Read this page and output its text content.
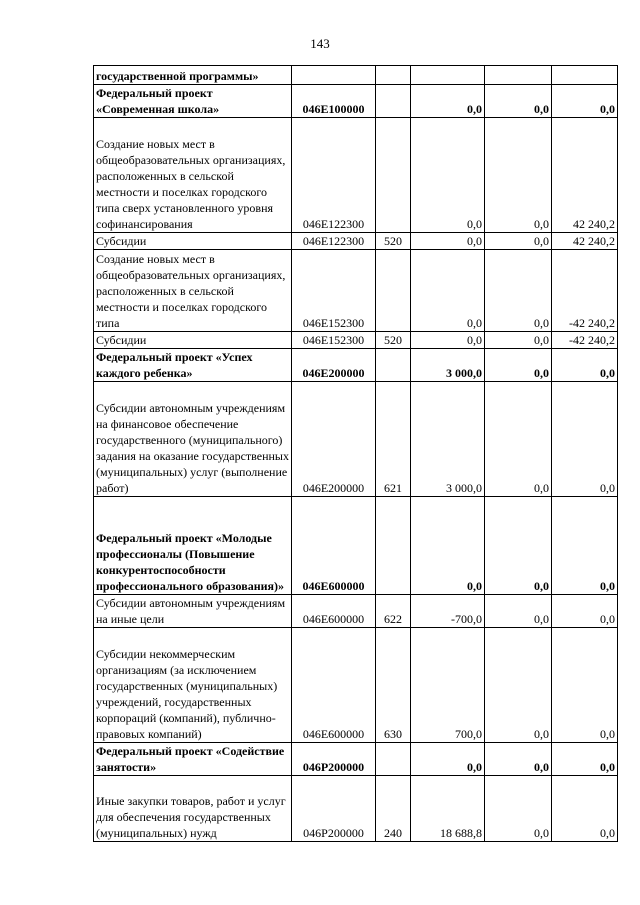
143
государственной программы»					
Федеральный проект «Современная школа»	046E100000		0,0	0,0	0,0
Создание новых мест в общеобразовательных организациях, расположенных в сельской местности и поселках городского типа сверх установленного уровня софинансирования	046E122300		0,0	0,0	42 240,2
Субсидии	046E122300	520	0,0	0,0	42 240,2
Создание новых мест в общеобразовательных организациях, расположенных в сельской местности и поселках городского типа	046E152300		0,0	0,0	-42 240,2
Субсидии	046E152300	520	0,0	0,0	-42 240,2
Федеральный проект «Успех каждого ребенка»	046E200000		3 000,0	0,0	0,0
Субсидии автономным учреждениям на финансовое обеспечение государственного (муниципального) задания на оказание государственных (муниципальных) услуг (выполнение работ)	046E200000	621	3 000,0	0,0	0,0
Федеральный проект «Молодые профессионалы (Повышение конкурентоспособности профессионального образования)»	046E600000		0,0	0,0	0,0
Субсидии автономным учреждениям на иные цели	046E600000	622	-700,0	0,0	0,0
Субсидии некоммерческим организациям (за исключением государственных (муниципальных) учреждений, государственных корпораций (компаний), публично-правовых компаний)	046E600000	630	700,0	0,0	0,0
Федеральный проект «Содействие занятости»	046P200000		0,0	0,0	0,0
Иные закупки товаров, работ и услуг для обеспечения государственных (муниципальных) нужд	046P200000	240	18 688,8	0,0	0,0
